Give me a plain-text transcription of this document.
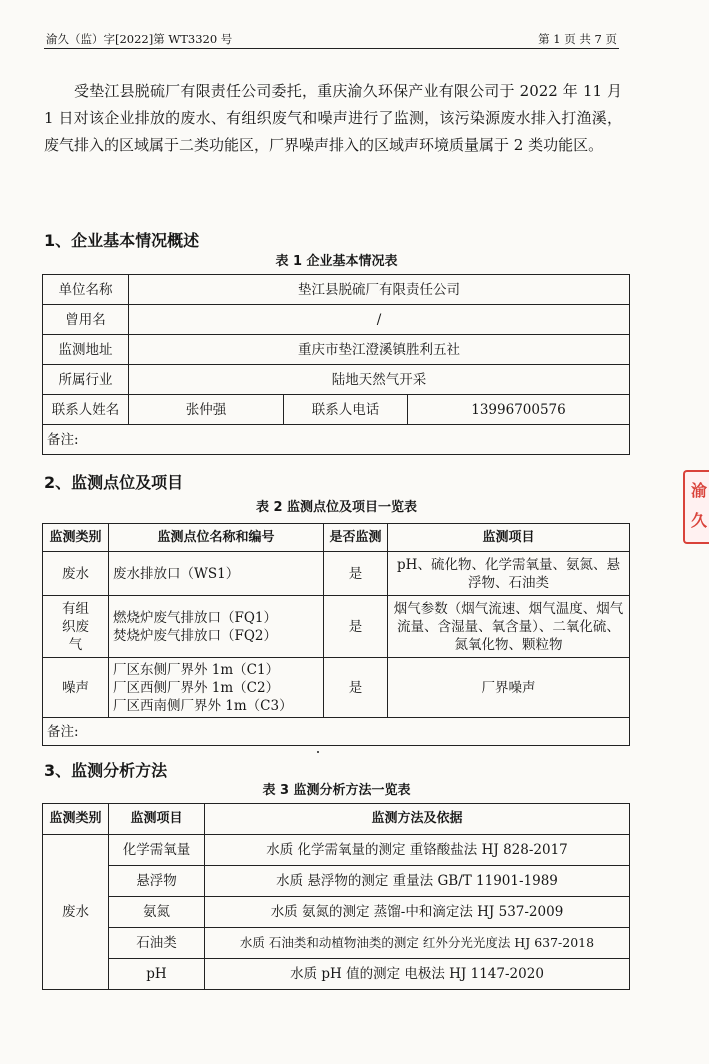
渝久（监）字[2022]第 WT3320 号	第 1 页 共 7 页

受垫江县脱硫厂有限责任公司委托，重庆渝久环保产业有限公司于 2022 年 11 月 1 日对该企业排放的废水、有组织废气和噪声进行了监测，该污染源废水排入打渔溪，废气排入的区域属于二类功能区，厂界噪声排入的区域声环境质量属于 2 类功能区。

1、企业基本情况概述
表 1 企业基本情况表
单位名称	垫江县脱硫厂有限责任公司		
曾用名	/		
监测地址	重庆市垫江澄溪镇胜利五社		
所属行业	陆地天然气开采		
联系人姓名	张仲强	联系人电话	13996700576
备注:			
2、监测点位及项目
表 2 监测点位及项目一览表
监测类别	监测点位名称和编号	是否监测	监测项目
废水	废水排放口（WS1）	是	pH、硫化物、化学需氧量、氨氮、悬浮物、石油类

有组织废气	燃烧炉废气排放口（FQ1）
焚烧炉废气排放口（FQ2）	是	烟气参数（烟气流速、烟气温度、烟气流量、含湿量、氧含量）、二氧化硫、氮氧化物、颗粒物
噪声	厂区东侧厂界外 1m（C1）
厂区西侧厂界外 1m（C2）
厂区西南侧厂界外 1m（C3）	是	厂界噪声
备注:			
3、监测分析方法
表 3 监测分析方法一览表
监测类别	监测项目	监测方法及依据
废水	化学需氧量	水质 化学需氧量的测定 重铬酸盐法 HJ 828-2017
	悬浮物	水质 悬浮物的测定 重量法 GB/T 11901-1989
	氨氮	水质 氨氮的测定 蒸馏-中和滴定法 HJ 537-2009
	石油类	水质 石油类和动植物油类的测定 红外分光光度法 HJ 637-2018
	pH	水质 pH 值的测定 电极法 HJ 1147-2020
渝
久
